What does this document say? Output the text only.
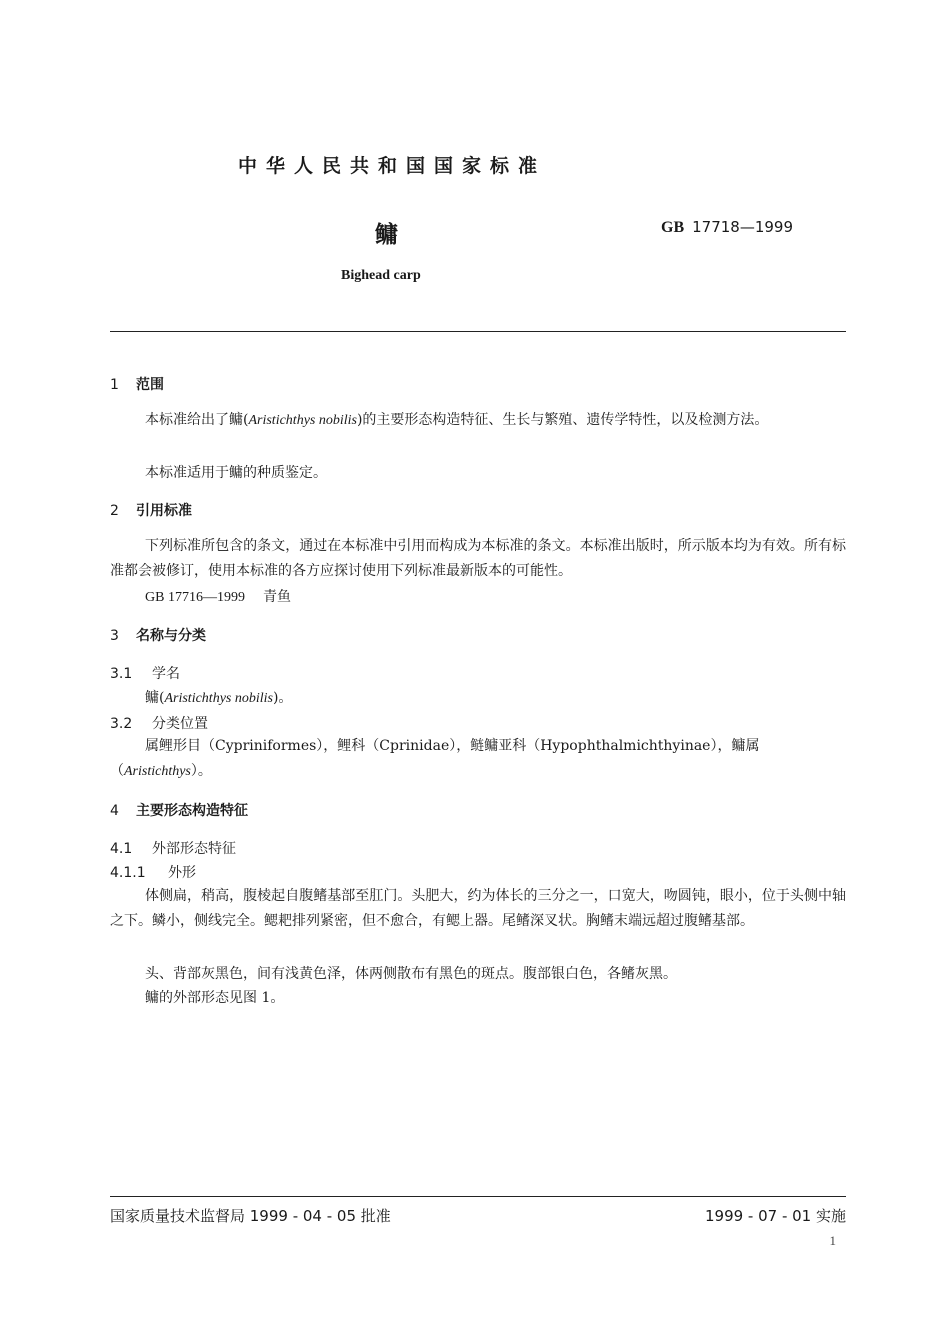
中华人民共和国国家标准
鳙	GB 17718—1999
Bighead carp
1 范围
本标准给出了鳙(Aristichthys nobilis)的主要形态构造特征、生长与繁殖、遗传学特性，以及检测方法。
本标准适用于鳙的种质鉴定。
2 引用标准
下列标准所包含的条文，通过在本标准中引用而构成为本标准的条文。本标准出版时，所示版本均为有效。所有标准都会被修订，使用本标准的各方应探讨使用下列标准最新版本的可能性。
GB 17716—1999 青鱼
3 名称与分类
3.1 学名
鳙(Aristichthys nobilis)。
3.2 分类位置
属鲤形目（Cypriniformes），鲤科（Cprinidae），鲢鳙亚科（Hypophthalmichthyinae），鳙属
（Aristichthys）。
4 主要形态构造特征
4.1 外部形态特征
4.1.1 外形
体侧扁，稍高，腹棱起自腹鳍基部至肛门。头肥大，约为体长的三分之一，口宽大，吻圆钝，眼小，位于头侧中轴之下。鳞小，侧线完全。鳃耙排列紧密，但不愈合，有鳃上器。尾鳍深叉状。胸鳍末端远超过腹鳍基部。
头、背部灰黑色，间有浅黄色泽，体两侧散布有黑色的斑点。腹部银白色，各鳍灰黑。
鳙的外部形态见图 1。
国家质量技术监督局 1999 - 04 - 05 批准	1999 - 07 - 01 实施
1
